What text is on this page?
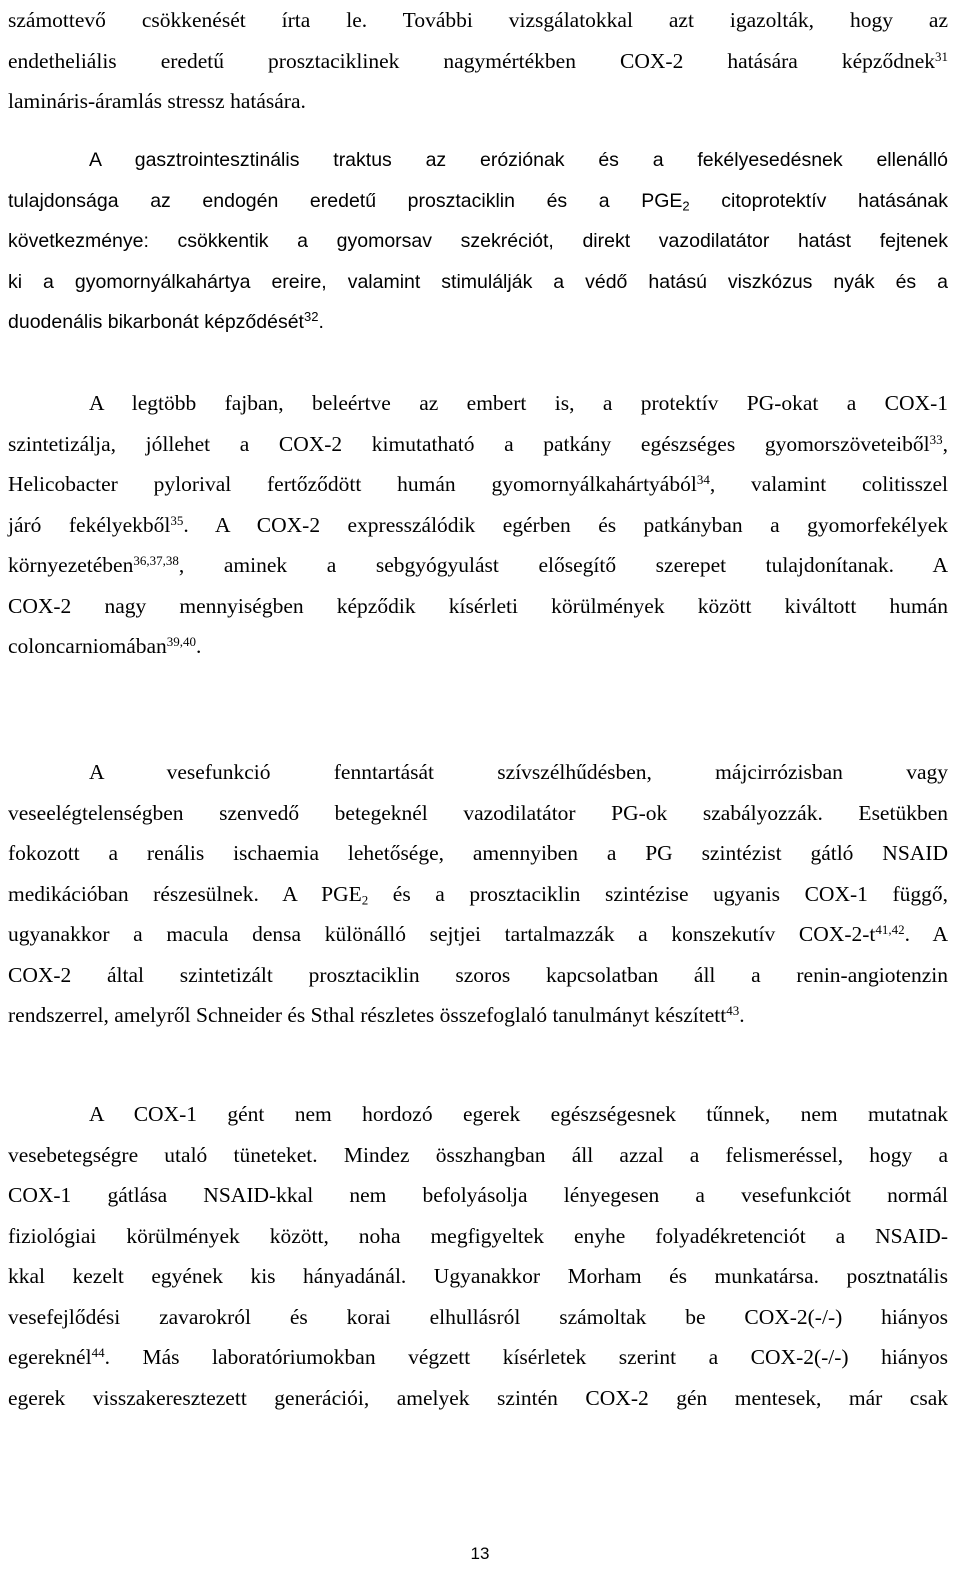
számottevő csökkenését írta le. További vizsgálatokkal azt igazolták, hogy az
endetheliális eredetű prosztaciklinek nagymértékben COX-2 hatására képződnek$^{31}$
lamináris-áramlás stressz hatására.
A gasztrointesztinális traktus az eróziónak és a fekélyesedésnek ellenálló
tulajdonsága az endogén eredetű prosztaciklin és a $PGE_2$ citoprotektív hatásának
következménye: csökkentik a gyomorsav szekréciót, direkt vazodilatátor hatást fejtenek
ki a gyomornyálkahártya ereire, valamint stimulálják a védő hatású viszkózus nyák és a
duodenális bikarbonát képződését$^{32}$.
A legtöbb fajban, beleértve az embert is, a protektív PG-okat a COX-1
szintetizálja, jóllehet a COX-2 kimutatható a patkány egészséges gyomorszöveteiből$^{33}$,
Helicobacter pylorival fertőződött humán gyomornyálkahártyából$^{34}$, valamint colitisszel
járó fekélyekből$^{35}$. A COX-2 expresszálódik egérben és patkányban a gyomorfekélyek
környezetében$^{36,37,38}$, aminek a sebgyógyulást elősegítő szerepet tulajdonítanak. A
COX-2 nagy mennyiségben képződik kísérleti körülmények között kiváltott humán
coloncarniomában$^{39,40}$.
A vesefunkció fenntartását szívszélhűdésben, májcirrózisban vagy
veseelégtelenségben szenvedő betegeknél vazodilatátor PG-ok szabályozzák. Esetükben
fokozott a renális ischaemia lehetősége, amennyiben a PG szintézist gátló NSAID
medikációban részesülnek. A $PGE_2$ és a prosztaciklin szintézise ugyanis COX-1 függő,
ugyanakkor a macula densa különálló sejtjei tartalmazzák a konszekutív COX-$2-t^{41,42}$. A
COX-2 által szintetizált prosztaciklin szoros kapcsolatban áll a renin-angiotenzin
rendszerrel, amelyről Schneider és Sthal részletes összefoglaló tanulmányt készített$^{43}$.
A COX-1 gént nem hordozó egerek egészségesnek tűnnek, nem mutatnak
vesebetegségre utaló tüneteket. Mindez összhangban áll azzal a felismeréssel, hogy a
COX-1 gátlása NSAID-kkal nem befolyásolja lényegesen a vesefunkciót normál
fiziológiai körülmények között, noha megfigyeltek enyhe folyadékretenciót a NSAID-
kkal kezelt egyének kis hányadánál. Ugyanakkor Morham és munkatársa. posztnatális
vesefejlődési zavarokról és korai elhullásról számoltak be COX-2(-/-) hiányos
egereknél$^{44}$. Más laboratóriumokban végzett kísérletek szerint a COX-2(-/-) hiányos
egerek visszakeresztezett generációi, amelyek szintén COX-2 gén mentesek, már csak
13
